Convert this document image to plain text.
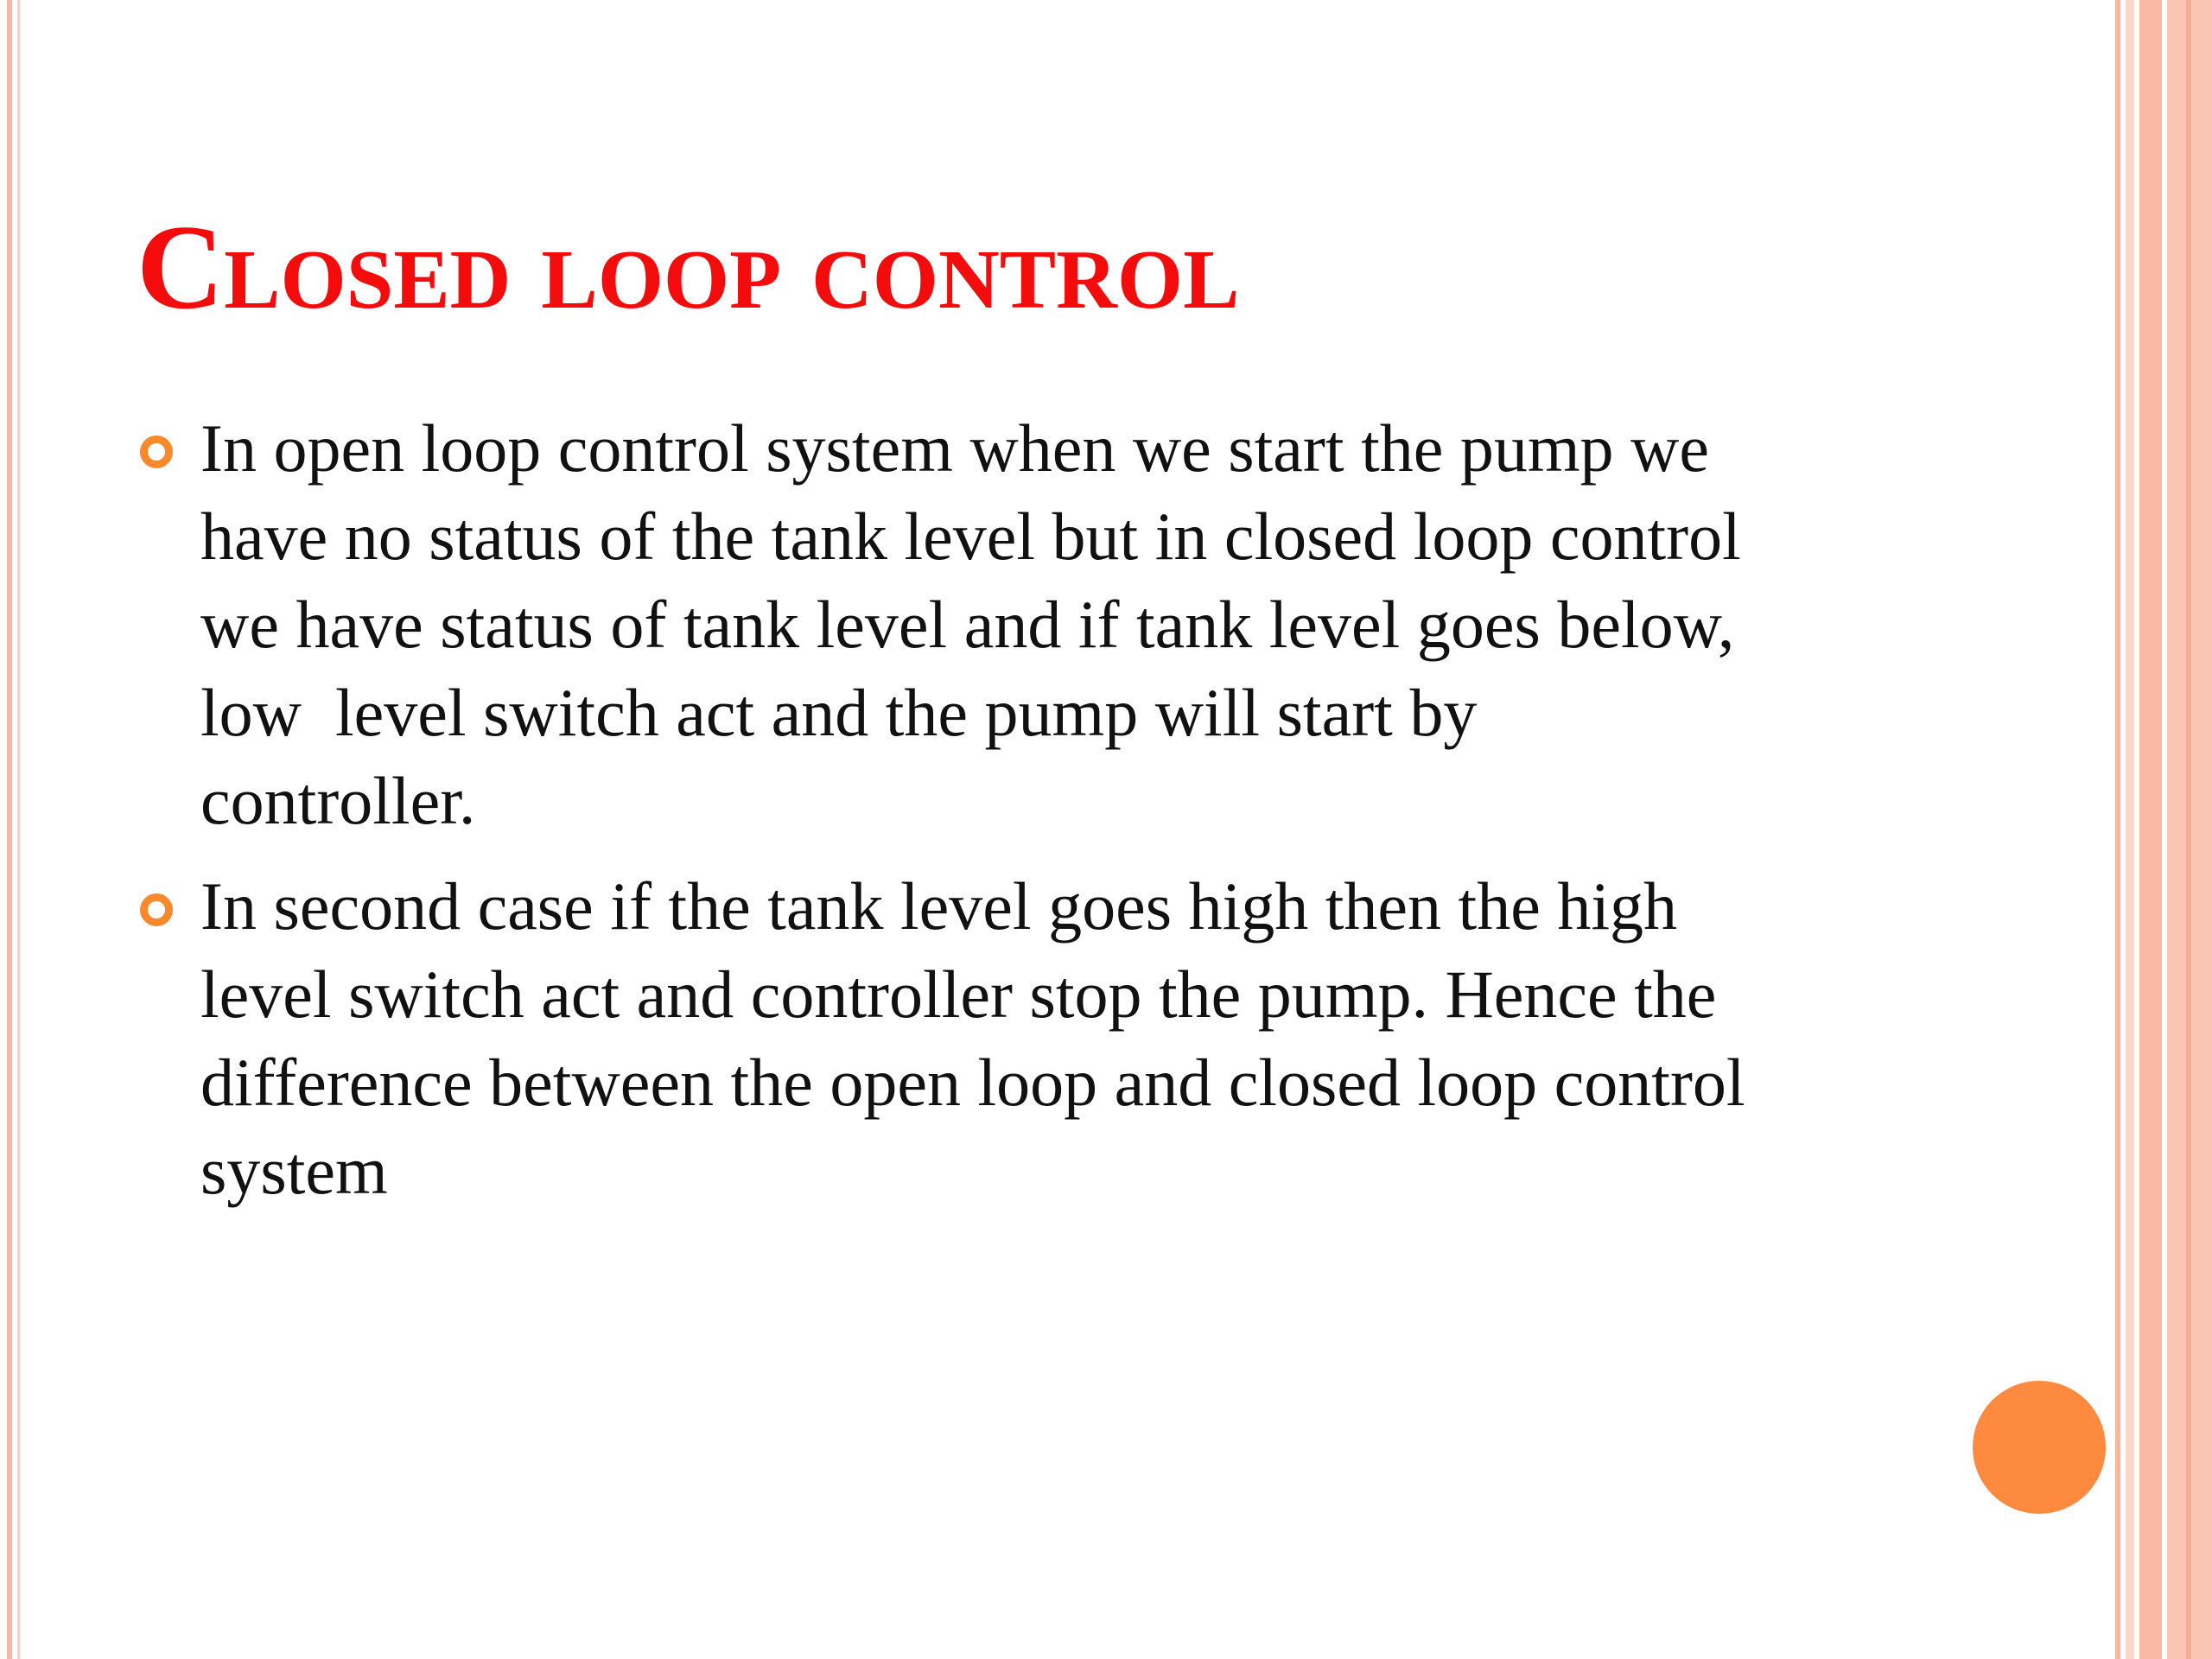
Closed loop control
In open loop control system when we start the pump we
have no status of the tank level but in closed loop control
we have status of tank level and if tank level goes below,
low  level switch act and the pump will start by
controller.
In second case if the tank level goes high then the high
level switch act and controller stop the pump. Hence the
difference between the open loop and closed loop control
system
